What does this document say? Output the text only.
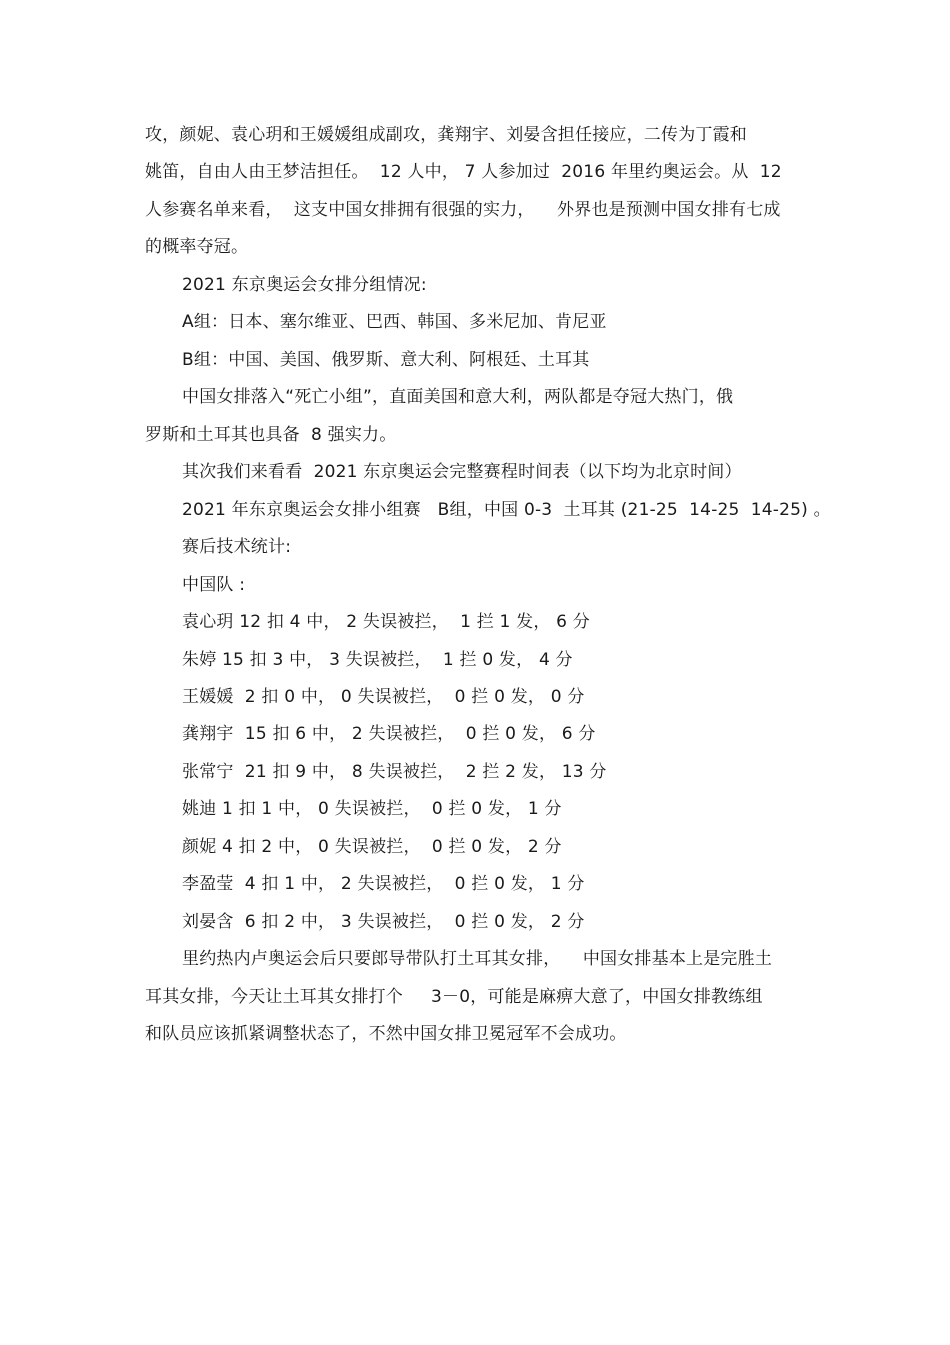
攻，颜妮、袁心玥和王媛媛组成副攻，龚翔宇、刘晏含担任接应，二传为丁霞和
姚笛，自由人由王梦洁担任。  12 人中， 7 人参加过  2016 年里约奥运会。从  12
人参赛名单来看，  这支中国女排拥有很强的实力，    外界也是预测中国女排有七成
的概率夺冠。
2021 东京奥运会女排分组情况:
A组：日本、塞尔维亚、巴西、韩国、多米尼加、肯尼亚
B组：中国、美国、俄罗斯、意大利、阿根廷、土耳其
中国女排落入“死亡小组”，直面美国和意大利，两队都是夺冠大热门，俄
罗斯和土耳其也具备  8 强实力。
其次我们来看看  2021 东京奥运会完整赛程时间表（以下均为北京时间）
2021 年东京奥运会女排小组赛   B组，中国 0-3  土耳其 (21-25  14-25  14-25) 。
赛后技术统计:
中国队 :
袁心玥 12 扣 4 中， 2 失误被拦，  1 拦 1 发， 6 分
朱婷 15 扣 3 中， 3 失误被拦，  1 拦 0 发， 4 分
王媛媛  2 扣 0 中， 0 失误被拦，  0 拦 0 发， 0 分
龚翔宇  15 扣 6 中， 2 失误被拦，  0 拦 0 发， 6 分
张常宁  21 扣 9 中， 8 失误被拦，  2 拦 2 发， 13 分
姚迪 1 扣 1 中， 0 失误被拦，  0 拦 0 发， 1 分
颜妮 4 扣 2 中， 0 失误被拦，  0 拦 0 发， 2 分
李盈莹  4 扣 1 中， 2 失误被拦，  0 拦 0 发， 1 分
刘晏含  6 扣 2 中， 3 失误被拦，  0 拦 0 发， 2 分
里约热内卢奥运会后只要郎导带队打土耳其女排，    中国女排基本上是完胜土
耳其女排，今天让土耳其女排打个     3－0，可能是麻痹大意了，中国女排教练组
和队员应该抓紧调整状态了，不然中国女排卫冕冠军不会成功。
